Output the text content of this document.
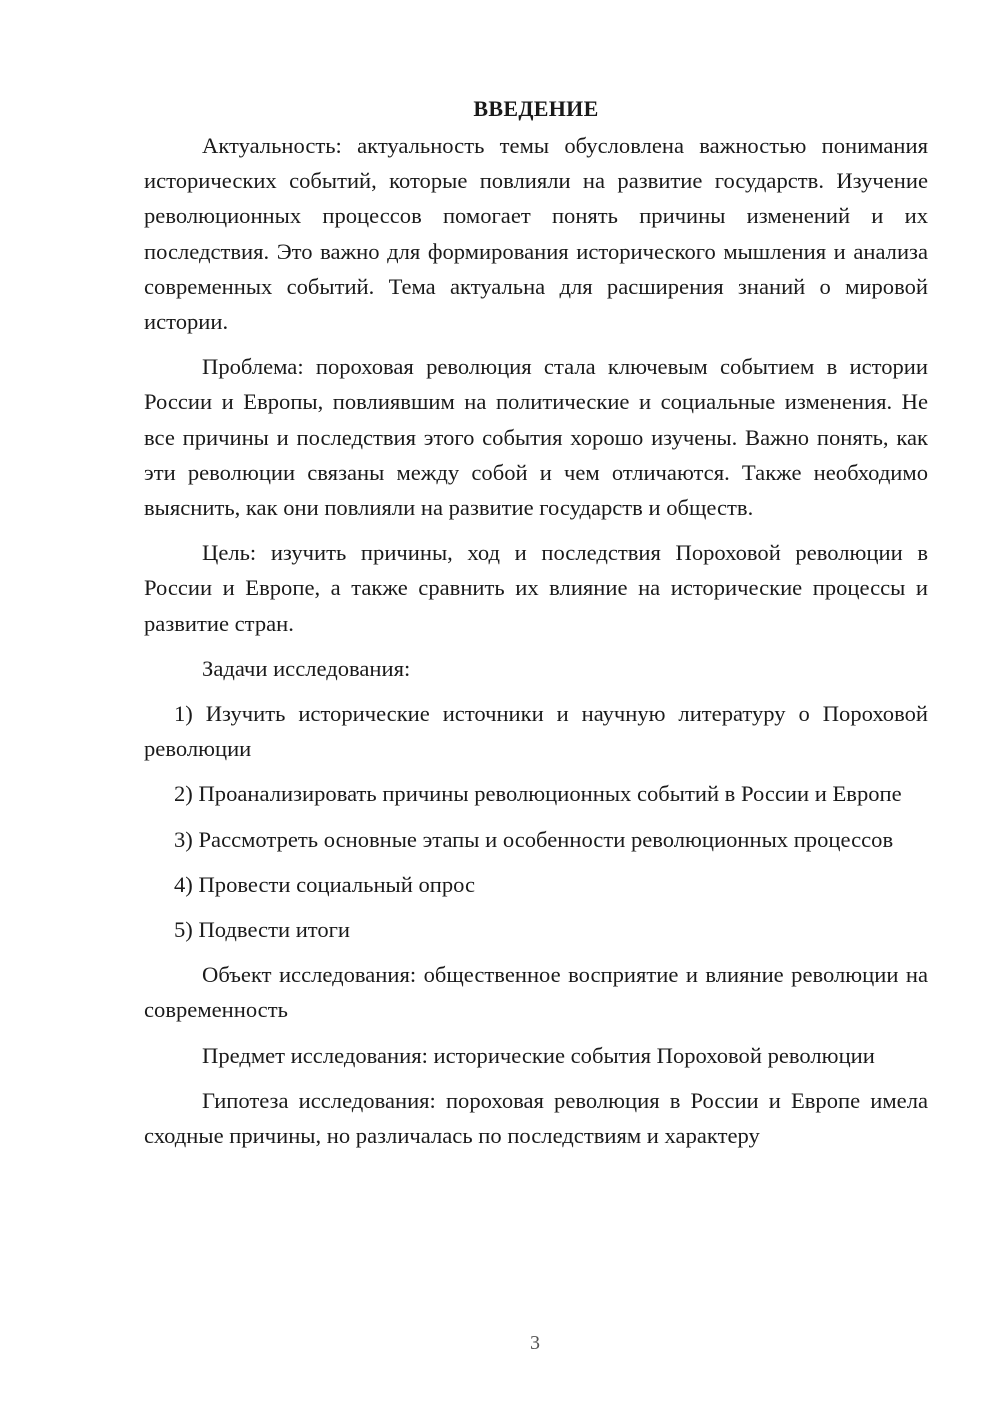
ВВЕДЕНИЕ

Актуальность: актуальность темы обусловлена важностью понимания исторических событий, которые повлияли на развитие государств. Изучение революционных процессов помогает понять причины изменений и их последствия. Это важно для формирования исторического мышления и анализа современных событий. Тема актуальна для расширения знаний о мировой истории.

Проблема: пороховая революция стала ключевым событием в истории России и Европы, повлиявшим на политические и социальные изменения. Не все причины и последствия этого события хорошо изучены. Важно понять, как эти революции связаны между собой и чем отличаются. Также необходимо выяснить, как они повлияли на развитие государств и обществ.

Цель: изучить причины, ход и последствия Пороховой революции в России и Европе, а также сравнить их влияние на исторические процессы и развитие стран.

Задачи исследования:

1) Изучить исторические источники и научную литературу о Пороховой революции

2) Проанализировать причины революционных событий в России и Европе

3) Рассмотреть основные этапы и особенности революционных процессов

4) Провести социальный опрос

5) Подвести итоги

Объект исследования: общественное восприятие и влияние революции на современность

Предмет исследования: исторические события Пороховой революции

Гипотеза исследования: пороховая революция в России и Европе имела сходные причины, но различалась по последствиям и характеру

3
